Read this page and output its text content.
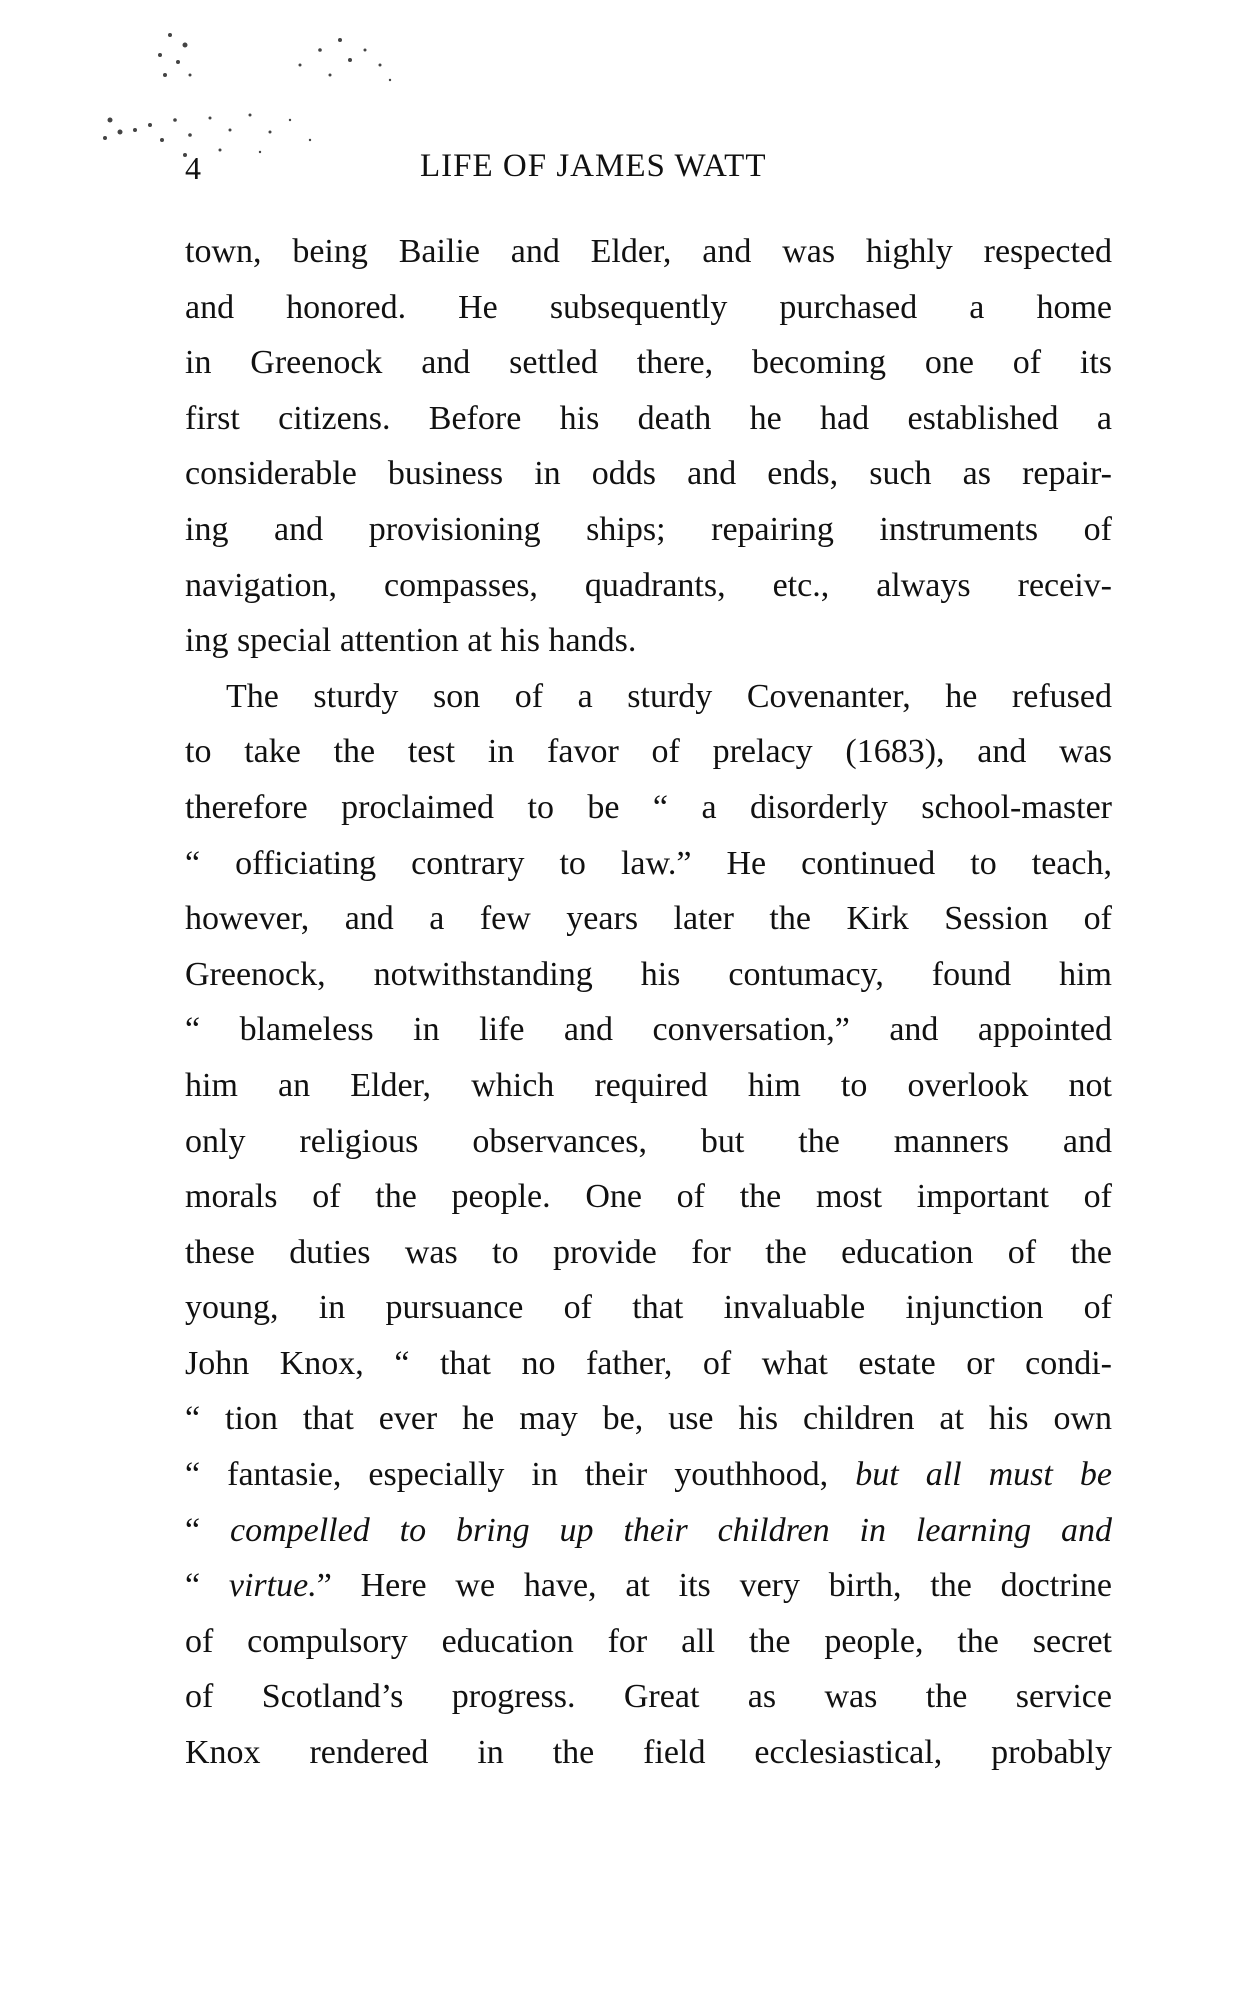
4	LIFE OF JAMES WATT
town, being Bailie and Elder, and was highly respected
and honored. He subsequently purchased a home
in Greenock and settled there, becoming one of its
first citizens. Before his death he had established a
considerable business in odds and ends, such as repair-
ing and provisioning ships; repairing instruments of
navigation, compasses, quadrants, etc., always receiv-
ing special attention at his hands.
The sturdy son of a sturdy Covenanter, he refused
to take the test in favor of prelacy (1683), and was
therefore proclaimed to be “ a disorderly school-master
“ officiating contrary to law.” He continued to teach,
however, and a few years later the Kirk Session of
Greenock, notwithstanding his contumacy, found him
“ blameless in life and conversation,” and appointed
him an Elder, which required him to overlook not
only religious observances, but the manners and
morals of the people. One of the most important of
these duties was to provide for the education of the
young, in pursuance of that invaluable injunction of
John Knox, “ that no father, of what estate or condi-
“ tion that ever he may be, use his children at his own
“ fantasie, especially in their youthhood, but all must be
“ compelled to bring up their children in learning and
“ virtue.” Here we have, at its very birth, the doctrine
of compulsory education for all the people, the secret
of Scotland’s progress. Great as was the service
Knox rendered in the field ecclesiastical, probably
